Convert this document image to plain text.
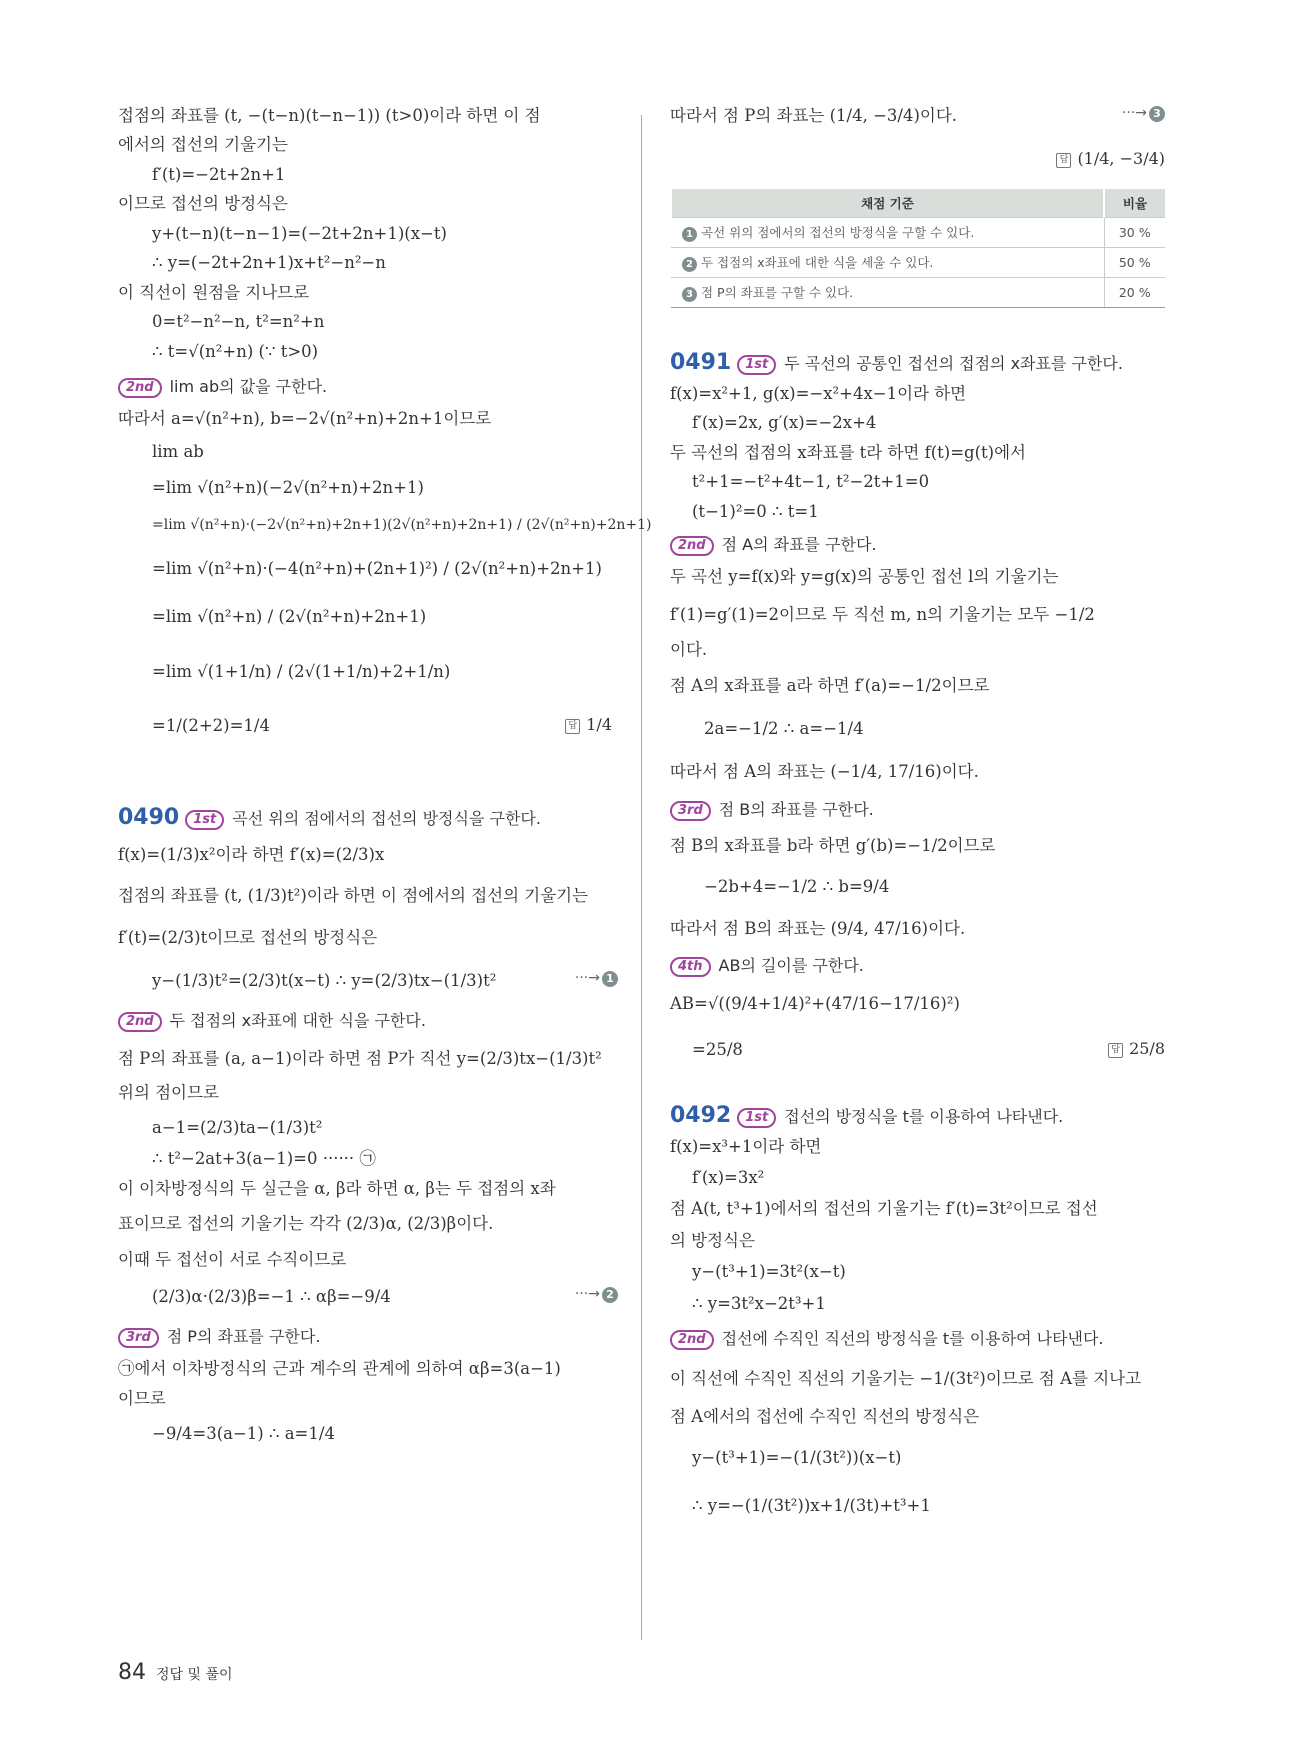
접점의 좌표를 (t, −(t−n)(t−n−1)) (t>0)이라 하면 이 점
에서의 접선의 기울기는
f′(t)=−2t+2n+1
이므로 접선의 방정식은
y+(t−n)(t−n−1)=(−2t+2n+1)(x−t)
∴ y=(−2t+2n+1)x+t²−n²−n
이 직선이 원점을 지나므로
0=t²−n²−n, t²=n²+n
∴ t=√(n²+n) (∵ t>0)
2nd lim ab의 값을 구한다.
따라서 a=√(n²+n), b=−2√(n²+n)+2n+1이므로
lim ab
=lim √(n²+n)(−2√(n²+n)+2n+1)
=lim √(n²+n)·(−2√(n²+n)+2n+1)(2√(n²+n)+2n+1) / (2√(n²+n)+2n+1)
=lim √(n²+n)·(−4(n²+n)+(2n+1)²) / (2√(n²+n)+2n+1)
=lim √(n²+n) / (2√(n²+n)+2n+1)
=lim √(1+1/n) / (2√(1+1/n)+2+1/n)
=1/(2+2)=1/4	답 1/4
0490 1st 곡선 위의 점에서의 접선의 방정식을 구한다.
f(x)=(1/3)x²이라 하면 f′(x)=(2/3)x
접점의 좌표를 (t, (1/3)t²)이라 하면 이 점에서의 접선의 기울기는
f′(t)=(2/3)t이므로 접선의 방정식은
y−(1/3)t²=(2/3)t(x−t) ∴ y=(2/3)tx−(1/3)t²	···→ 1
2nd 두 접점의 x좌표에 대한 식을 구한다.
점 P의 좌표를 (a, a−1)이라 하면 점 P가 직선 y=(2/3)tx−(1/3)t²
위의 점이므로
a−1=(2/3)ta−(1/3)t²
∴ t²−2at+3(a−1)=0 ······ ㉠
이 이차방정식의 두 실근을 α, β라 하면 α, β는 두 접점의 x좌
표이므로 접선의 기울기는 각각 (2/3)α, (2/3)β이다.
이때 두 접선이 서로 수직이므로
(2/3)α·(2/3)β=−1 ∴ αβ=−9/4	···→ 2
3rd 점 P의 좌표를 구한다.
㉠에서 이차방정식의 근과 계수의 관계에 의하여 αβ=3(a−1)
이므로
−9/4=3(a−1) ∴ a=1/4
따라서 점 P의 좌표는 (1/4, −3/4)이다.	···→ 3
답 (1/4, −3/4)
채점 기준	비율
1 곡선 위의 점에서의 접선의 방정식을 구할 수 있다.	30 %
2 두 접점의 x좌표에 대한 식을 세울 수 있다.	50 %
3 점 P의 좌표를 구할 수 있다.	20 %
0491 1st 두 곡선의 공통인 접선의 접점의 x좌표를 구한다.
f(x)=x²+1, g(x)=−x²+4x−1이라 하면
f′(x)=2x, g′(x)=−2x+4
두 곡선의 접점의 x좌표를 t라 하면 f(t)=g(t)에서
t²+1=−t²+4t−1, t²−2t+1=0
(t−1)²=0 ∴ t=1
2nd 점 A의 좌표를 구한다.
두 곡선 y=f(x)와 y=g(x)의 공통인 접선 l의 기울기는
f′(1)=g′(1)=2이므로 두 직선 m, n의 기울기는 모두 −1/2
이다.
점 A의 x좌표를 a라 하면 f′(a)=−1/2이므로
2a=−1/2 ∴ a=−1/4
따라서 점 A의 좌표는 (−1/4, 17/16)이다.
3rd 점 B의 좌표를 구한다.
점 B의 x좌표를 b라 하면 g′(b)=−1/2이므로
−2b+4=−1/2 ∴ b=9/4
따라서 점 B의 좌표는 (9/4, 47/16)이다.
4th AB의 길이를 구한다.
AB=√((9/4+1/4)²+(47/16−17/16)²)
=25/8	답 25/8
0492 1st 접선의 방정식을 t를 이용하여 나타낸다.
f(x)=x³+1이라 하면
f′(x)=3x²
점 A(t, t³+1)에서의 접선의 기울기는 f′(t)=3t²이므로 접선
의 방정식은
y−(t³+1)=3t²(x−t)
∴ y=3t²x−2t³+1
2nd 접선에 수직인 직선의 방정식을 t를 이용하여 나타낸다.
이 직선에 수직인 직선의 기울기는 −1/(3t²)이므로 점 A를 지나고
점 A에서의 접선에 수직인 직선의 방정식은
y−(t³+1)=−(1/(3t²))(x−t)
∴ y=−(1/(3t²))x+1/(3t)+t³+1
84 정답 및 풀이
